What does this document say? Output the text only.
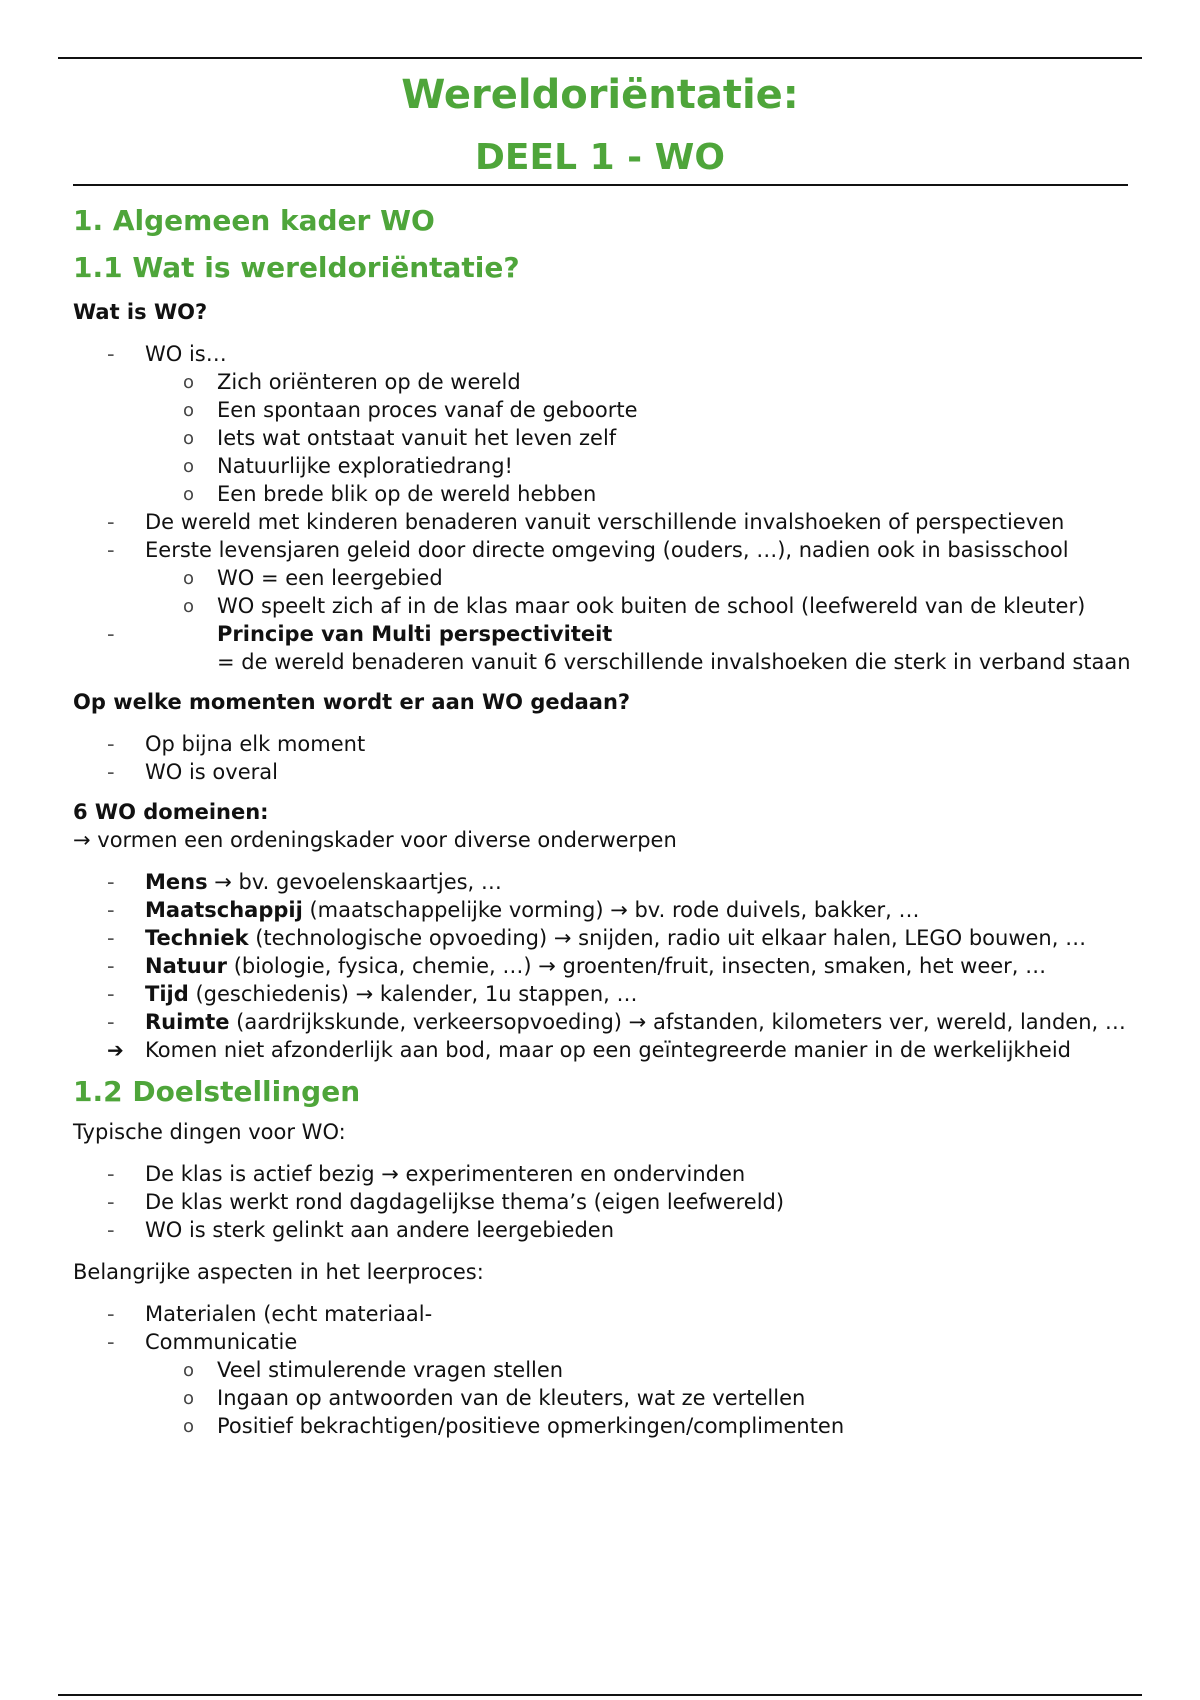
Wereldoriëntatie:
DEEL 1 - WO
1. Algemeen kader WO
1.1 Wat is wereldoriëntatie?
Wat is WO?
- WO is…
o Zich oriënteren op de wereld
o Een spontaan proces vanaf de geboorte
o Iets wat ontstaat vanuit het leven zelf
o Natuurlijke exploratiedrang!
o Een brede blik op de wereld hebben
- De wereld met kinderen benaderen vanuit verschillende invalshoeken of perspectieven
- Eerste levensjaren geleid door directe omgeving (ouders, …), nadien ook in basisschool
o WO = een leergebied
o WO speelt zich af in de klas maar ook buiten de school (leefwereld van de kleuter)
- Principe van Multi perspectiviteit
= de wereld benaderen vanuit 6 verschillende invalshoeken die sterk in verband staan
Op welke momenten wordt er aan WO gedaan?
- Op bijna elk moment
- WO is overal
6 WO domeinen:

→ vormen een ordeningskader voor diverse onderwerpen

- Mens → bv. gevoelenskaartjes, …
- Maatschappij (maatschappelijke vorming) → bv. rode duivels, bakker, …
- Techniek (technologische opvoeding) → snijden, radio uit elkaar halen, LEGO bouwen, …
- Natuur (biologie, fysica, chemie, …) → groenten/fruit, insecten, smaken, het weer, …
- Tijd (geschiedenis) → kalender, 1u stappen, …
- Ruimte (aardrijkskunde, verkeersopvoeding) → afstanden, kilometers ver, wereld, landen, …
➔ Komen niet afzonderlijk aan bod, maar op een geïntegreerde manier in de werkelijkheid
1.2 Doelstellingen

Typische dingen voor WO:

- De klas is actief bezig → experimenteren en ondervinden
- De klas werkt rond dagdagelijkse thema’s (eigen leefwereld)
- WO is sterk gelinkt aan andere leergebieden

Belangrijke aspecten in het leerproces:

- Materialen (echt materiaal-
- Communicatie
o Veel stimulerende vragen stellen
o Ingaan op antwoorden van de kleuters, wat ze vertellen
o Positief bekrachtigen/positieve opmerkingen/complimenten
